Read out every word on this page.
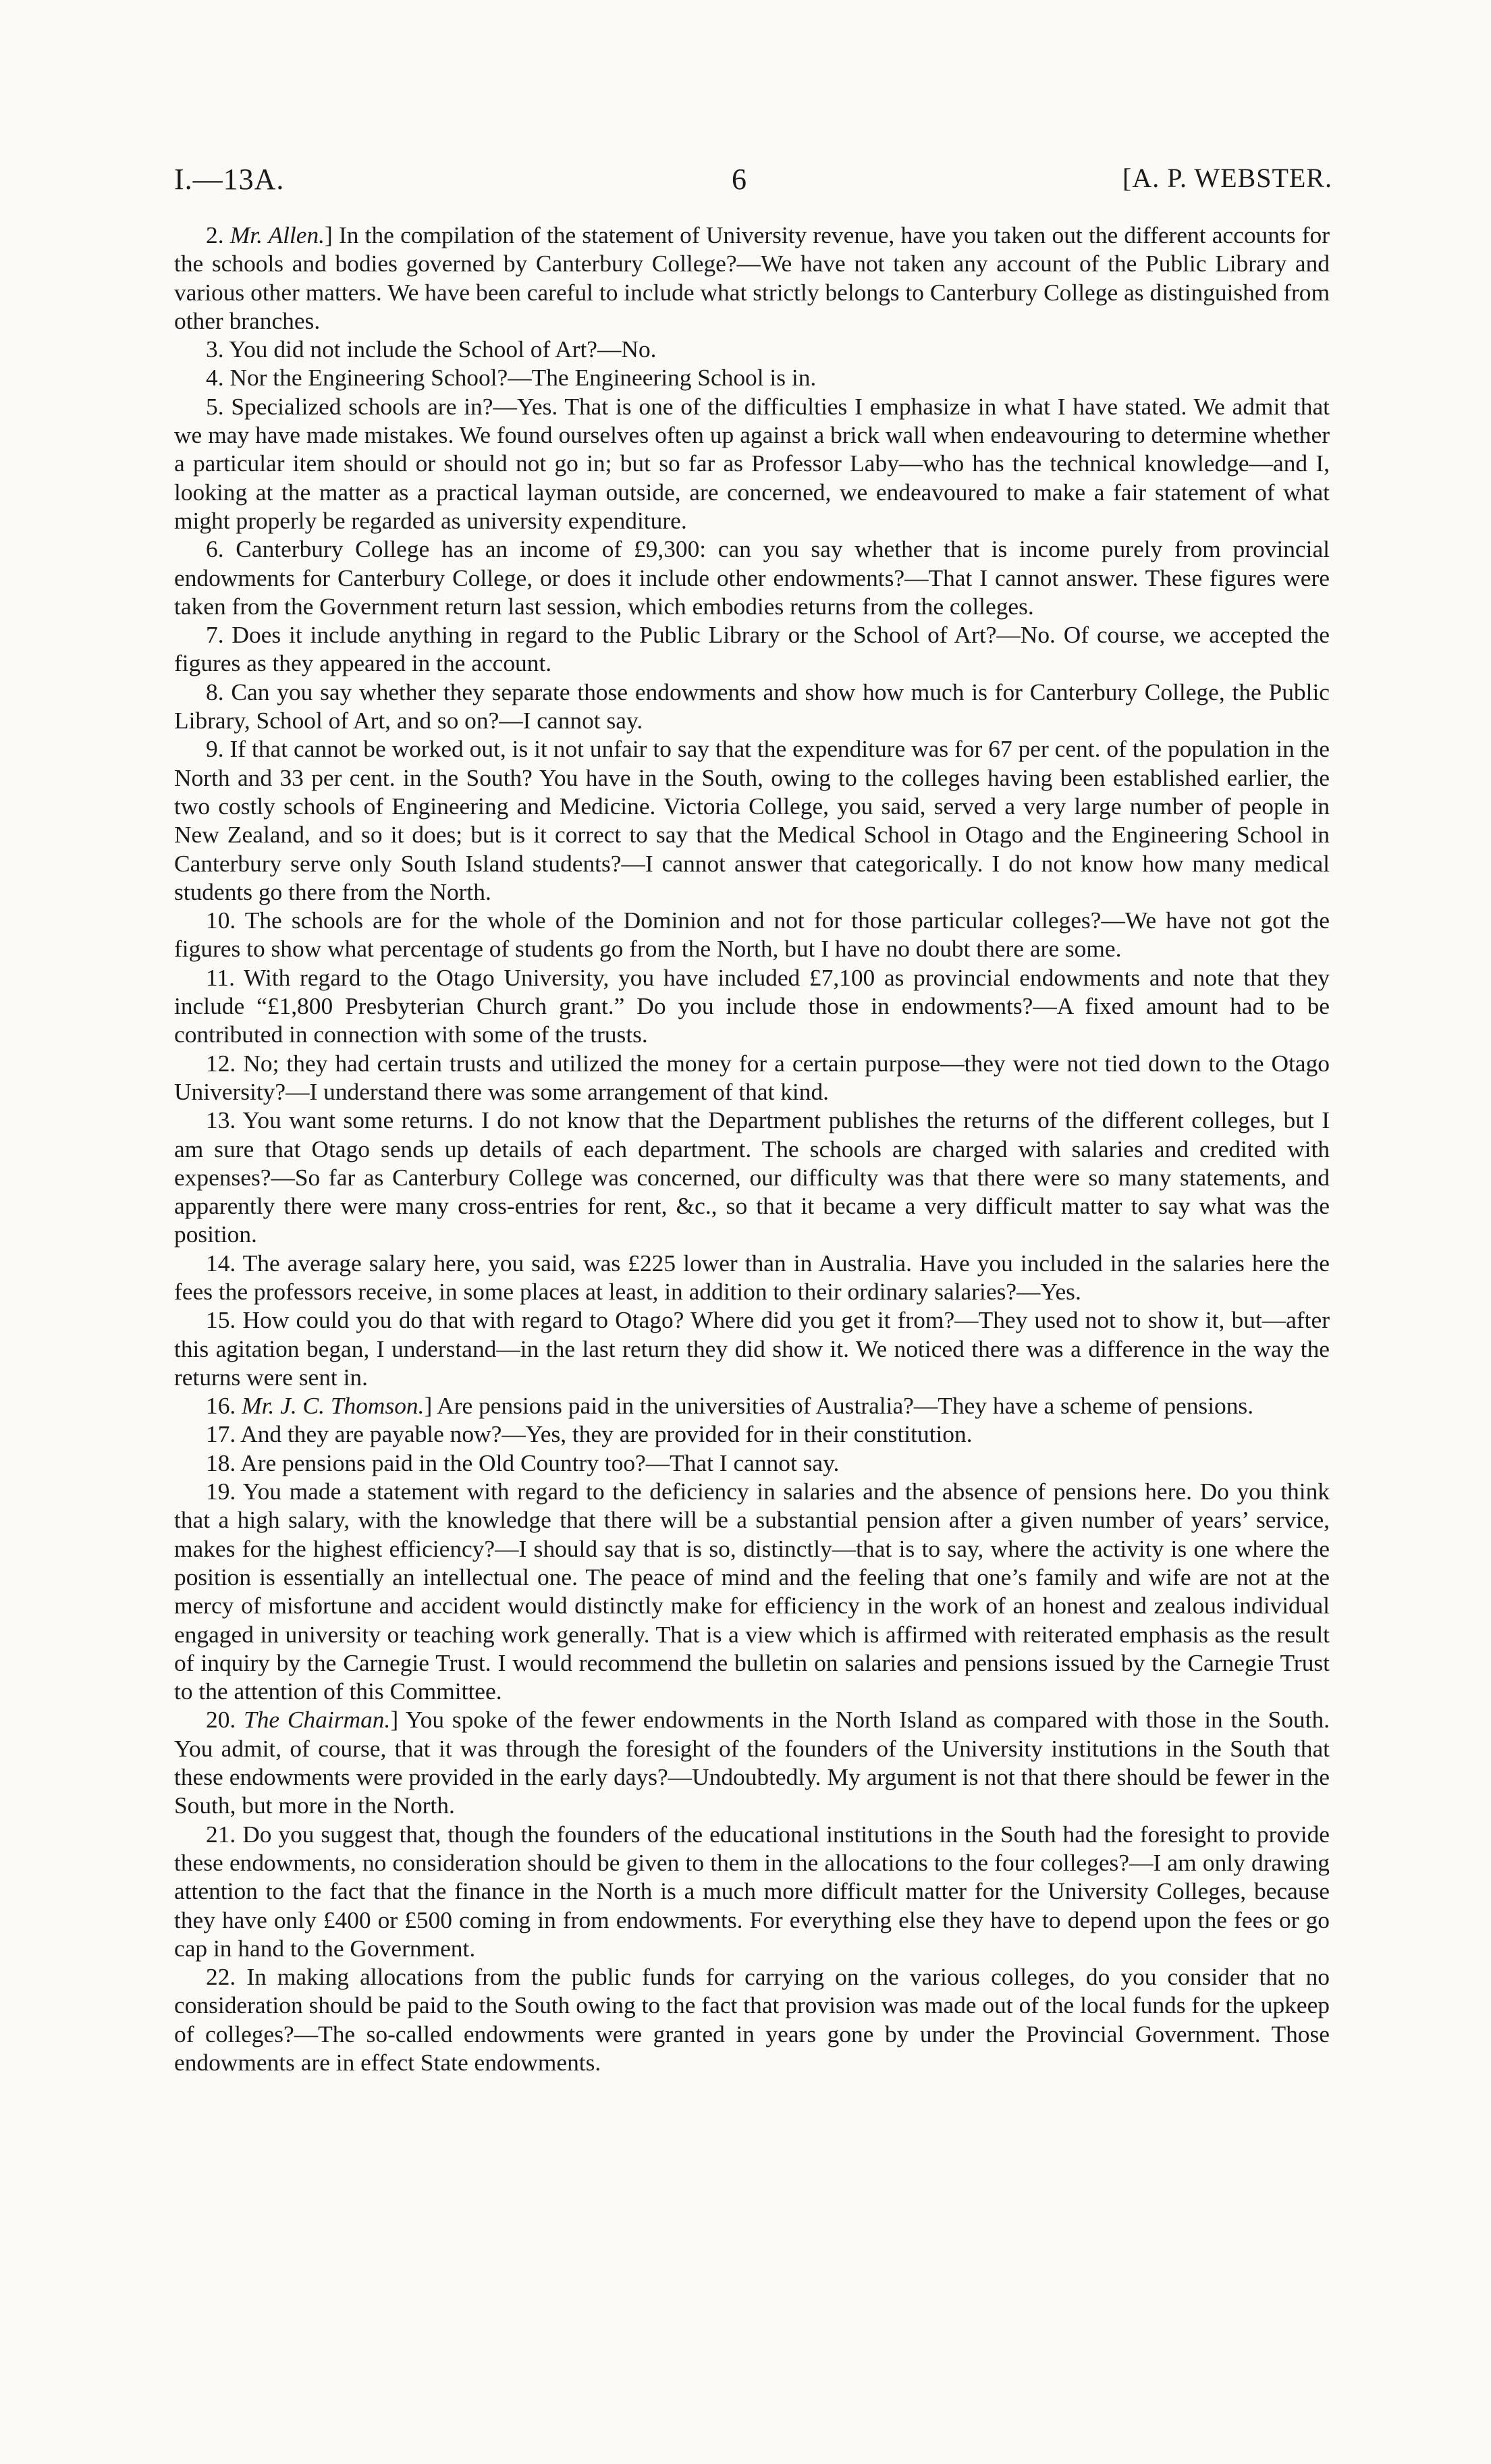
I.—13A.	6	[A. P. WEBSTER.

2. Mr. Allen.] In the compilation of the statement of University revenue, have you taken out the different accounts for the schools and bodies governed by Canterbury College?—We have not taken any account of the Public Library and various other matters. We have been careful to include what strictly belongs to Canterbury College as distinguished from other branches.

3. You did not include the School of Art?—No.

4. Nor the Engineering School?—The Engineering School is in.

5. Specialized schools are in?—Yes. That is one of the difficulties I emphasize in what I have stated. We admit that we may have made mistakes. We found ourselves often up against a brick wall when endeavouring to determine whether a particular item should or should not go in; but so far as Professor Laby—who has the technical knowledge—and I, looking at the matter as a practical layman outside, are concerned, we endeavoured to make a fair statement of what might properly be regarded as university expenditure.

6. Canterbury College has an income of £9,300: can you say whether that is income purely from provincial endowments for Canterbury College, or does it include other endowments?—That I cannot answer. These figures were taken from the Government return last session, which embodies returns from the colleges.

7. Does it include anything in regard to the Public Library or the School of Art?—No. Of course, we accepted the figures as they appeared in the account.

8. Can you say whether they separate those endowments and show how much is for Canterbury College, the Public Library, School of Art, and so on?—I cannot say.

9. If that cannot be worked out, is it not unfair to say that the expenditure was for 67 per cent. of the population in the North and 33 per cent. in the South? You have in the South, owing to the colleges having been established earlier, the two costly schools of Engineering and Medicine. Victoria College, you said, served a very large number of people in New Zealand, and so it does; but is it correct to say that the Medical School in Otago and the Engineering School in Canterbury serve only South Island students?—I cannot answer that categorically. I do not know how many medical students go there from the North.

10. The schools are for the whole of the Dominion and not for those particular colleges?—We have not got the figures to show what percentage of students go from the North, but I have no doubt there are some.

11. With regard to the Otago University, you have included £7,100 as provincial endowments and note that they include “£1,800 Presbyterian Church grant.” Do you include those in endowments?—A fixed amount had to be contributed in connection with some of the trusts.

12. No; they had certain trusts and utilized the money for a certain purpose—they were not tied down to the Otago University?—I understand there was some arrangement of that kind.

13. You want some returns. I do not know that the Department publishes the returns of the different colleges, but I am sure that Otago sends up details of each department. The schools are charged with salaries and credited with expenses?—So far as Canterbury College was concerned, our difficulty was that there were so many statements, and apparently there were many cross-entries for rent, &c., so that it became a very difficult matter to say what was the position.

14. The average salary here, you said, was £225 lower than in Australia. Have you included in the salaries here the fees the professors receive, in some places at least, in addition to their ordinary salaries?—Yes.

15. How could you do that with regard to Otago? Where did you get it from?—They used not to show it, but—after this agitation began, I understand—in the last return they did show it. We noticed there was a difference in the way the returns were sent in.

16. Mr. J. C. Thomson.] Are pensions paid in the universities of Australia?—They have a scheme of pensions.

17. And they are payable now?—Yes, they are provided for in their constitution.

18. Are pensions paid in the Old Country too?—That I cannot say.

19. You made a statement with regard to the deficiency in salaries and the absence of pensions here. Do you think that a high salary, with the knowledge that there will be a substantial pension after a given number of years’ service, makes for the highest efficiency?—I should say that is so, distinctly—that is to say, where the activity is one where the position is essentially an intellectual one. The peace of mind and the feeling that one’s family and wife are not at the mercy of misfortune and accident would distinctly make for efficiency in the work of an honest and zealous individual engaged in university or teaching work generally. That is a view which is affirmed with reiterated emphasis as the result of inquiry by the Carnegie Trust. I would recommend the bulletin on salaries and pensions issued by the Carnegie Trust to the attention of this Committee.

20. The Chairman.] You spoke of the fewer endowments in the North Island as compared with those in the South. You admit, of course, that it was through the foresight of the founders of the University institutions in the South that these endowments were provided in the early days?—Undoubtedly. My argument is not that there should be fewer in the South, but more in the North.

21. Do you suggest that, though the founders of the educational institutions in the South had the foresight to provide these endowments, no consideration should be given to them in the allocations to the four colleges?—I am only drawing attention to the fact that the finance in the North is a much more difficult matter for the University Colleges, because they have only £400 or £500 coming in from endowments. For everything else they have to depend upon the fees or go cap in hand to the Government.

22. In making allocations from the public funds for carrying on the various colleges, do you consider that no consideration should be paid to the South owing to the fact that provision was made out of the local funds for the upkeep of colleges?—The so-called endowments were granted in years gone by under the Provincial Government. Those endowments are in effect State endowments.
